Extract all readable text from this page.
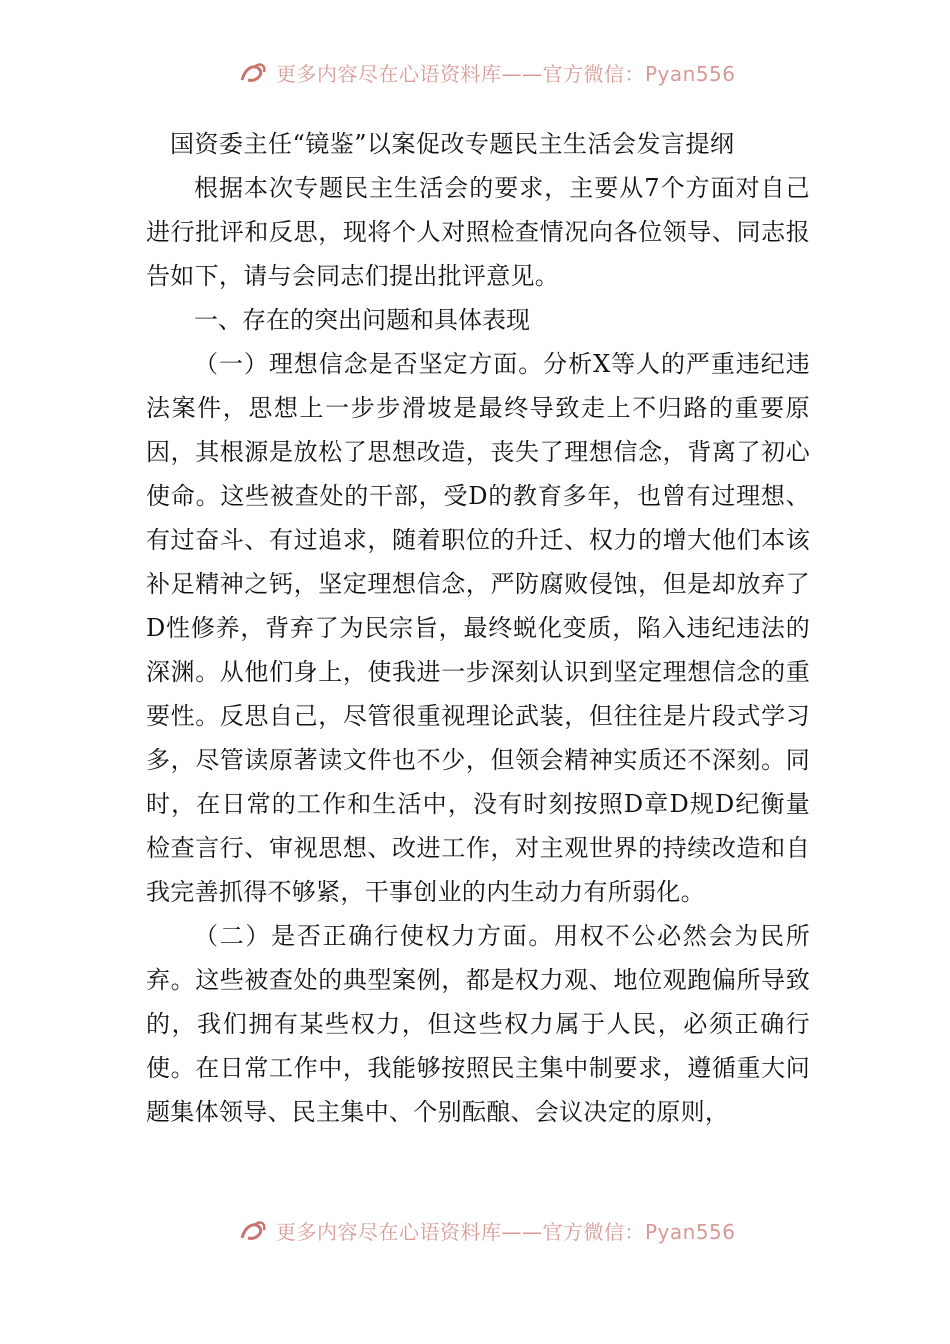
更多内容尽在心语资料库——官方微信：Pyan556
国资委主任“镜鉴”以案促改专题民主生活会发言提纲

根据本次专题民主生活会的要求，主要从7个方面对自己进行批评和反思，现将个人对照检查情况向各位领导、同志报告如下，请与会同志们提出批评意见。

一、存在的突出问题和具体表现

（一）理想信念是否坚定方面。分析X等人的严重违纪违法案件，思想上一步步滑坡是最终导致走上不归路的重要原因，其根源是放松了思想改造，丧失了理想信念，背离了初心使命。这些被查处的干部，受D的教育多年，也曾有过理想、有过奋斗、有过追求，随着职位的升迁、权力的增大他们本该补足精神之钙，坚定理想信念，严防腐败侵蚀，但是却放弃了D性修养，背弃了为民宗旨，最终蜕化变质，陷入违纪违法的深渊。从他们身上，使我进一步深刻认识到坚定理想信念的重要性。反思自己，尽管很重视理论武装，但往往是片段式学习多，尽管读原著读文件也不少，但领会精神实质还不深刻。同时，在日常的工作和生活中，没有时刻按照D章D规D纪衡量检查言行、审视思想、改进工作，对主观世界的持续改造和自我完善抓得不够紧，干事创业的内生动力有所弱化。

（二）是否正确行使权力方面。用权不公必然会为民所弃。这些被查处的典型案例，都是权力观、地位观跑偏所导致的，我们拥有某些权力，但这些权力属于人民，必须正确行使。在日常工作中，我能够按照民主集中制要求，遵循重大问题集体领导、民主集中、个别酝酿、会议决定的原则，

更多内容尽在心语资料库——官方微信：Pyan556
